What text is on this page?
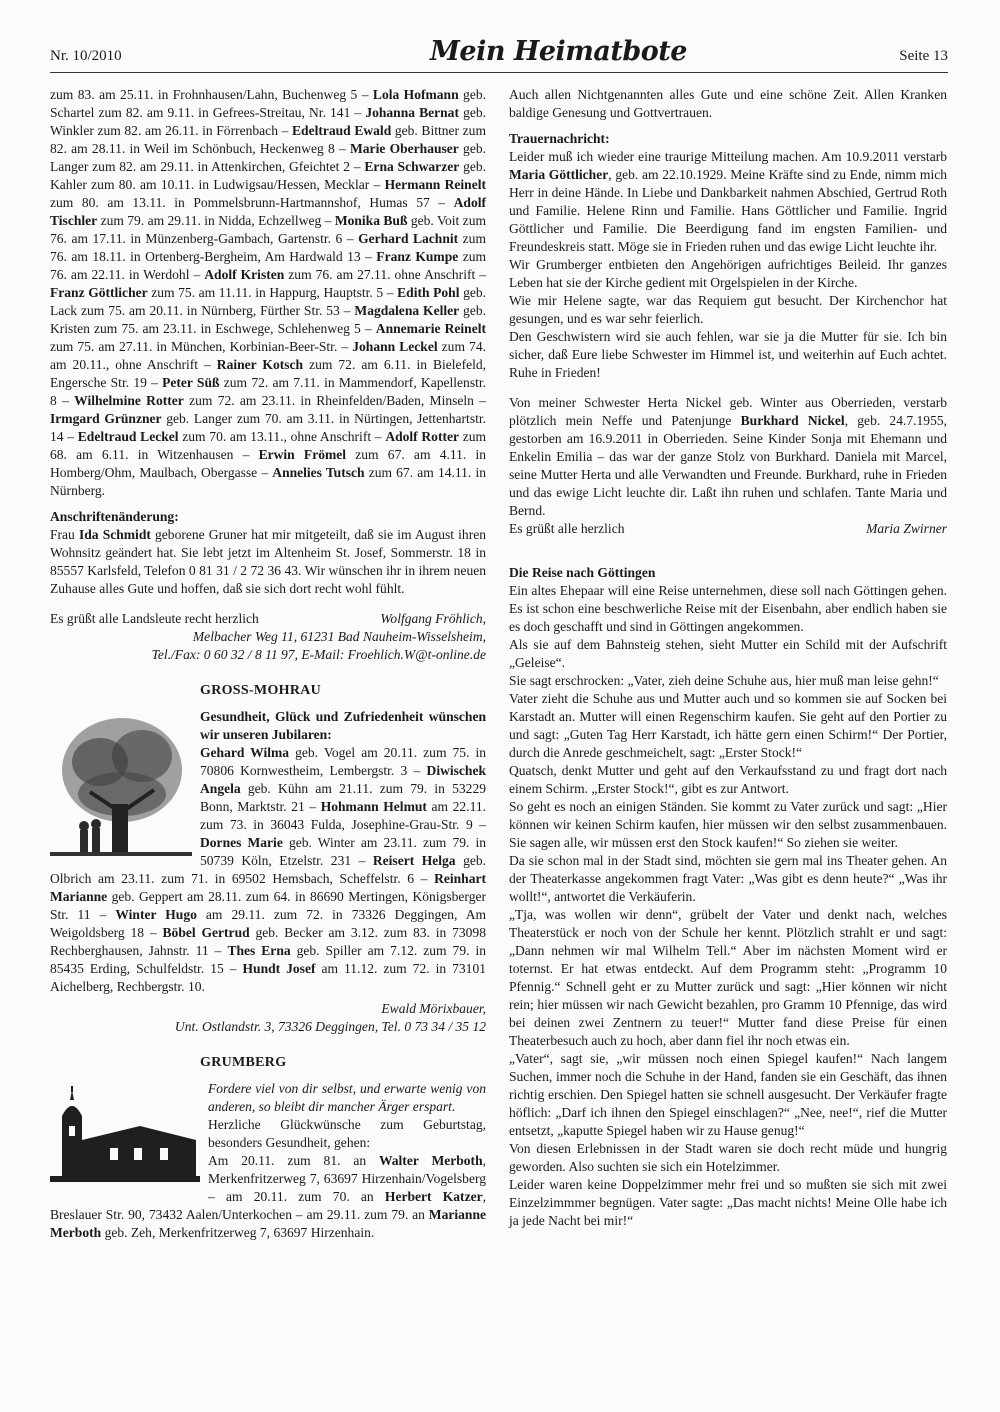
Nr. 10/2010	Mein Heimatbote	Seite 13

zum 83. am 25.11. in Frohnhausen/Lahn, Buchenweg 5 – Lola Hofmann geb. Schartel zum 82. am 9.11. in Gefrees-Streitau, Nr. 141 – Johanna Bernat geb. Winkler zum 82. am 26.11. in Förrenbach – Edeltraud Ewald geb. Bittner zum 82. am 28.11. in Weil im Schönbuch, Heckenweg 8 – Marie Oberhauser geb. Langer zum 82. am 29.11. in Attenkirchen, Gfeichtet 2 – Erna Schwarzer geb. Kahler zum 80. am 10.11. in Ludwigsau/Hessen, Mecklar – Hermann Reinelt zum 80. am 13.11. in Pommelsbrunn-Hartmannshof, Humas 57 – Adolf Tischler zum 79. am 29.11. in Nidda, Echzellweg – Monika Buß geb. Voit zum 76. am 17.11. in Münzenberg-Gambach, Gartenstr. 6 – Gerhard Lachnit zum 76. am 18.11. in Ortenberg-Bergheim, Am Hardwald 13 – Franz Kumpe zum 76. am 22.11. in Werdohl – Adolf Kristen zum 76. am 27.11. ohne Anschrift – Franz Göttlicher zum 75. am 11.11. in Happurg, Hauptstr. 5 – Edith Pohl geb. Lack zum 75. am 20.11. in Nürnberg, Fürther Str. 53 – Magdalena Keller geb. Kristen zum 75. am 23.11. in Eschwege, Schlehenweg 5 – Annemarie Reinelt zum 75. am 27.11. in München, Korbinian-Beer-Str. – Johann Leckel zum 74. am 20.11., ohne Anschrift – Rainer Kotsch zum 72. am 6.11. in Bielefeld, Engersche Str. 19 – Peter Süß zum 72. am 7.11. in Mammendorf, Kapellenstr. 8 – Wilhelmine Rotter zum 72. am 23.11. in Rheinfelden/Baden, Minseln – Irmgard Grünzner geb. Langer zum 70. am 3.11. in Nürtingen, Jettenhartstr. 14 – Edeltraud Leckel zum 70. am 13.11., ohne Anschrift – Adolf Rotter zum 68. am 6.11. in Witzenhausen – Erwin Frömel zum 67. am 4.11. in Homberg/Ohm, Maulbach, Obergasse – Annelies Tutsch zum 67. am 14.11. in Nürnberg.

Anschriftenänderung:

Frau Ida Schmidt geborene Gruner hat mir mitgeteilt, daß sie im August ihren Wohnsitz geändert hat. Sie lebt jetzt im Altenheim St. Josef, Sommerstr. 18 in 85557 Karlsfeld, Telefon 0 81 31 / 2 72 36 43. Wir wünschen ihr in ihrem neuen Zuhause alles Gute und hoffen, daß sie sich dort recht wohl fühlt.

Es grüßt alle Landsleute recht herzlich	Wolfgang Fröhlich,

Melbacher Weg 11, 61231 Bad Nauheim-Wisselsheim,

Tel./Fax: 0 60 32 / 8 11 97, E-Mail: Froehlich.W@t-online.de

GROSS-MOHRAU

Gesundheit, Glück und Zufriedenheit wünschen wir unseren Jubilaren:

Gehard Wilma geb. Vogel am 20.11. zum 75. in 70806 Kornwestheim, Lembergstr. 3 – Diwischek Angela geb. Kühn am 21.11. zum 79. in 53229 Bonn, Marktstr. 21 – Hohmann Helmut am 22.11. zum 73. in 36043 Fulda, Josephine-Grau-Str. 9 – Dornes Marie geb. Winter am 23.11. zum 79. in 50739 Köln, Etzelstr. 231 – Reisert Helga geb. Olbrich am 23.11. zum 71. in 69502 Hemsbach, Scheffelstr. 6 – Reinhart Marianne geb. Geppert am 28.11. zum 64. in 86690 Mertingen, Königsberger Str. 11 – Winter Hugo am 29.11. zum 72. in 73326 Deggingen, Am Weigoldsberg 18 – Böbel Gertrud geb. Becker am 3.12. zum 83. in 73098 Rechberghausen, Jahnstr. 11 – Thes Erna geb. Spiller am 7.12. zum 79. in 85435 Erding, Schulfeldstr. 15 – Hundt Josef am 11.12. zum 72. in 73101 Aichelberg, Rechbergstr. 10.

Ewald Mörixbauer,

Unt. Ostlandstr. 3, 73326 Deggingen, Tel. 0 73 34 / 35 12

GRUMBERG

Fordere viel von dir selbst, und erwarte wenig von anderen, so bleibt dir mancher Ärger erspart.

Herzliche Glückwünsche zum Geburtstag, besonders Gesundheit, gehen:

Am 20.11. zum 81. an Walter Merboth, Merkenfritzerweg 7, 63697 Hirzenhain/Vogelsberg – am 20.11. zum 70. an Herbert Katzer, Breslauer Str. 90, 73432 Aalen/Unterkochen – am 29.11. zum 79. an Marianne Merboth geb. Zeh, Merkenfritzerweg 7, 63697 Hirzenhain.

Auch allen Nichtgenannten alles Gute und eine schöne Zeit. Allen Kranken baldige Genesung und Gottvertrauen.

Trauernachricht:

Leider muß ich wieder eine traurige Mitteilung machen. Am 10.9.2011 verstarb Maria Göttlicher, geb. am 22.10.1929. Meine Kräfte sind zu Ende, nimm mich Herr in deine Hände. In Liebe und Dankbarkeit nahmen Abschied, Gertrud Roth und Familie. Helene Rinn und Familie. Hans Göttlicher und Familie. Ingrid Göttlicher und Familie. Die Beerdigung fand im engsten Familien- und Freundeskreis statt. Möge sie in Frieden ruhen und das ewige Licht leuchte ihr.

Wir Grumberger entbieten den Angehörigen aufrichtiges Beileid. Ihr ganzes Leben hat sie der Kirche gedient mit Orgelspielen in der Kirche.

Wie mir Helene sagte, war das Requiem gut besucht. Der Kirchenchor hat gesungen, und es war sehr feierlich.

Den Geschwistern wird sie auch fehlen, war sie ja die Mutter für sie. Ich bin sicher, daß Eure liebe Schwester im Himmel ist, und weiterhin auf Euch achtet. Ruhe in Frieden!

Von meiner Schwester Herta Nickel geb. Winter aus Oberrieden, verstarb plötzlich mein Neffe und Patenjunge Burkhard Nickel, geb. 24.7.1955, gestorben am 16.9.2011 in Oberrieden. Seine Kinder Sonja mit Ehemann und Enkelin Emilia – das war der ganze Stolz von Burkhard. Daniela mit Marcel, seine Mutter Herta und alle Verwandten und Freunde. Burkhard, ruhe in Frieden und das ewige Licht leuchte dir. Laßt ihn ruhen und schlafen. Tante Maria und Bernd.

Es grüßt alle herzlich	Maria Zwirner

Die Reise nach Göttingen

Ein altes Ehepaar will eine Reise unternehmen, diese soll nach Göttingen gehen. Es ist schon eine beschwerliche Reise mit der Eisenbahn, aber endlich haben sie es doch geschafft und sind in Göttingen angekommen.

Als sie auf dem Bahnsteig stehen, sieht Mutter ein Schild mit der Aufschrift „Geleise“.

Sie sagt erschrocken: „Vater, zieh deine Schuhe aus, hier muß man leise gehn!“

Vater zieht die Schuhe aus und Mutter auch und so kommen sie auf Socken bei Karstadt an. Mutter will einen Regenschirm kaufen. Sie geht auf den Portier zu und sagt: „Guten Tag Herr Karstadt, ich hätte gern einen Schirm!“ Der Portier, durch die Anrede geschmeichelt, sagt: „Erster Stock!“

Quatsch, denkt Mutter und geht auf den Verkaufsstand zu und fragt dort nach einem Schirm. „Erster Stock!“, gibt es zur Antwort.

So geht es noch an einigen Ständen. Sie kommt zu Vater zurück und sagt: „Hier können wir keinen Schirm kaufen, hier müssen wir den selbst zusammenbauen. Sie sagen alle, wir müssen erst den Stock kaufen!“ So ziehen sie weiter.

Da sie schon mal in der Stadt sind, möchten sie gern mal ins Theater gehen. An der Theaterkasse angekommen fragt Vater: „Was gibt es denn heute?“ „Was ihr wollt!“, antwortet die Verkäuferin.

„Tja, was wollen wir denn“, grübelt der Vater und denkt nach, welches Theaterstück er noch von der Schule her kennt. Plötzlich strahlt er und sagt: „Dann nehmen wir mal Wilhelm Tell.“ Aber im nächsten Moment wird er toternst. Er hat etwas entdeckt. Auf dem Programm steht: „Programm 10 Pfennig.“ Schnell geht er zu Mutter zurück und sagt: „Hier können wir nicht rein; hier müssen wir nach Gewicht bezahlen, pro Gramm 10 Pfennige, das wird bei deinen zwei Zentnern zu teuer!“ Mutter fand diese Preise für einen Theaterbesuch auch zu hoch, aber dann fiel ihr noch etwas ein.

„Vater“, sagt sie, „wir müssen noch einen Spiegel kaufen!“ Nach langem Suchen, immer noch die Schuhe in der Hand, fanden sie ein Geschäft, das ihnen richtig erschien. Den Spiegel hatten sie schnell ausgesucht. Der Verkäufer fragte höflich: „Darf ich ihnen den Spiegel einschlagen?“ „Nee, nee!“, rief die Mutter entsetzt, „kaputte Spiegel haben wir zu Hause genug!“

Von diesen Erlebnissen in der Stadt waren sie doch recht müde und hungrig geworden. Also suchten sie sich ein Hotelzimmer.

Leider waren keine Doppelzimmer mehr frei und so mußten sie sich mit zwei Einzelzimmmer begnügen. Vater sagte: „Das macht nichts! Meine Olle habe ich ja jede Nacht bei mir!“
